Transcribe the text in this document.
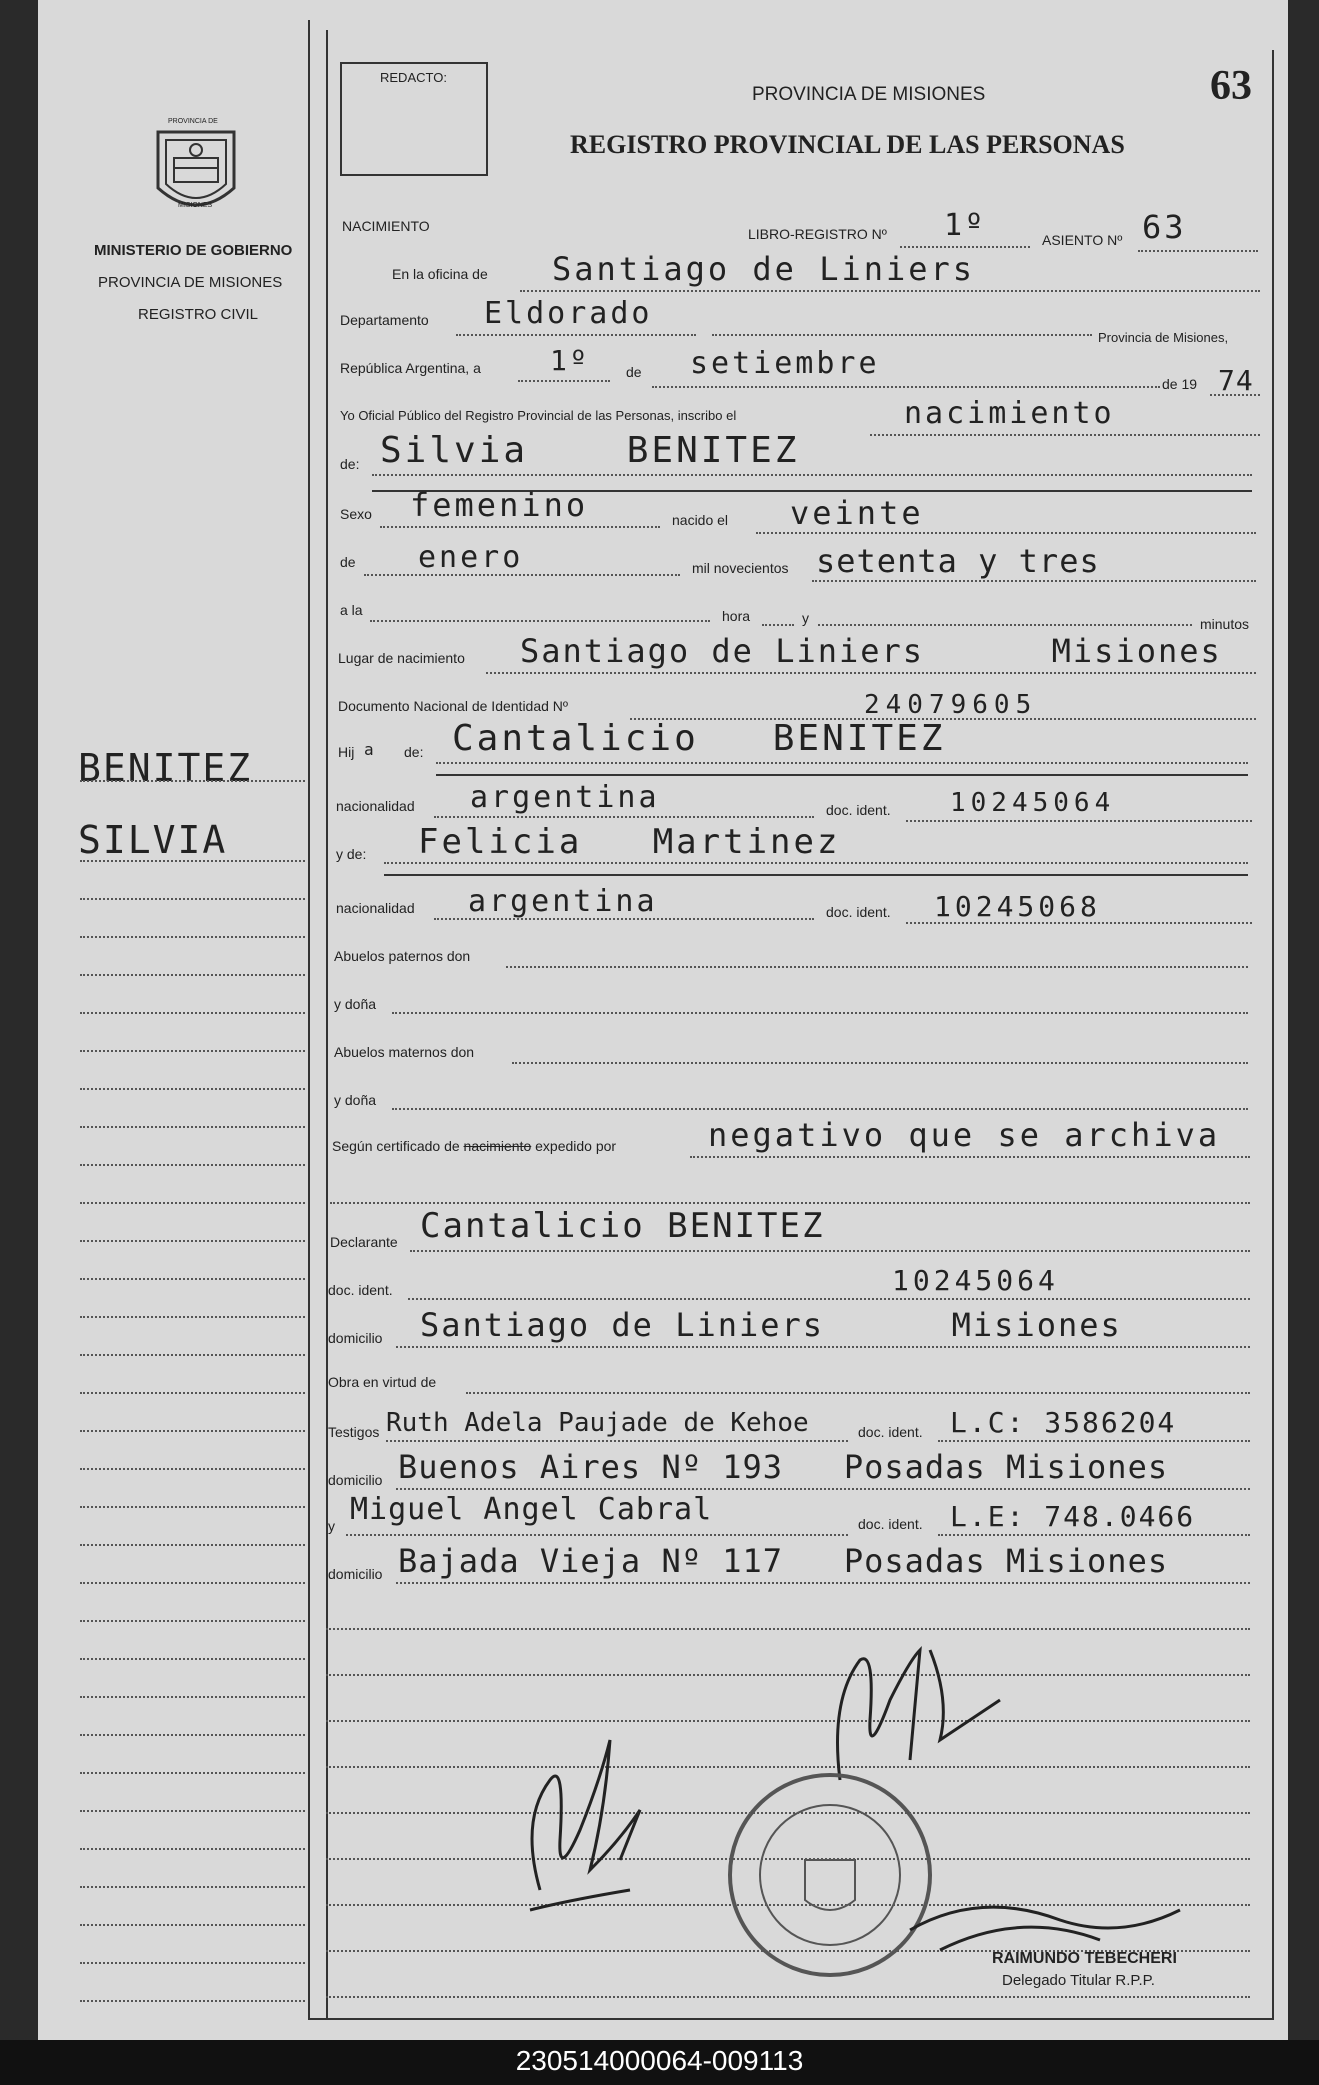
REDACTO:
PROVINCIA DE MISIONES
REGISTRO PROVINCIAL DE LAS PERSONAS
63
PROVINCIA DE
MISIONES
MINISTERIO DE GOBIERNO
PROVINCIA DE MISIONES
REGISTRO CIVIL
BENITEZ
SILVIA
NACIMIENTO	LIBRO-REGISTRO Nº 1º	ASIENTO Nº 63
En la oficina de Santiago de Liniers
Departamento Eldorado
Provincia de Misiones,
República Argentina, a 1º	de setiembre
de 19 74
Yo Oficial Público del Registro Provincial de las Personas, inscribo el	nacimiento
de: Silvia    BENITEZ
Sexo femenino	nacido el veinte
de enero	mil novecientos setenta y tres
a la	hora	y	minutos
Lugar de nacimiento Santiago de Liniers      Misiones
Documento Nacional de Identidad Nº	24079605
Hij a de: Cantalicio   BENITEZ
nacionalidad argentina	doc. ident. 10245064
y de: Felicia   Martinez
nacionalidad argentina	doc. ident. 10245068
Abuelos paternos don
y doña
Abuelos maternos don
y doña
Según certificado de nacimiento expedido por	negativo que se archiva
Declarante Cantalicio BENITEZ
doc. ident.	10245064
domicilio Santiago de Liniers      Misiones
Obra en virtud de
Testigos Ruth Adela Paujade de Kehoe	doc. ident. L.C: 3586204
domicilio Buenos Aires Nº 193   Posadas Misiones
y Miguel Angel Cabral	doc. ident. L.E: 748.0466
domicilio Bajada Vieja Nº 117   Posadas Misiones
RAIMUNDO TEBECHERI
Delegado Titular R.P.P.
230514000064-009113
